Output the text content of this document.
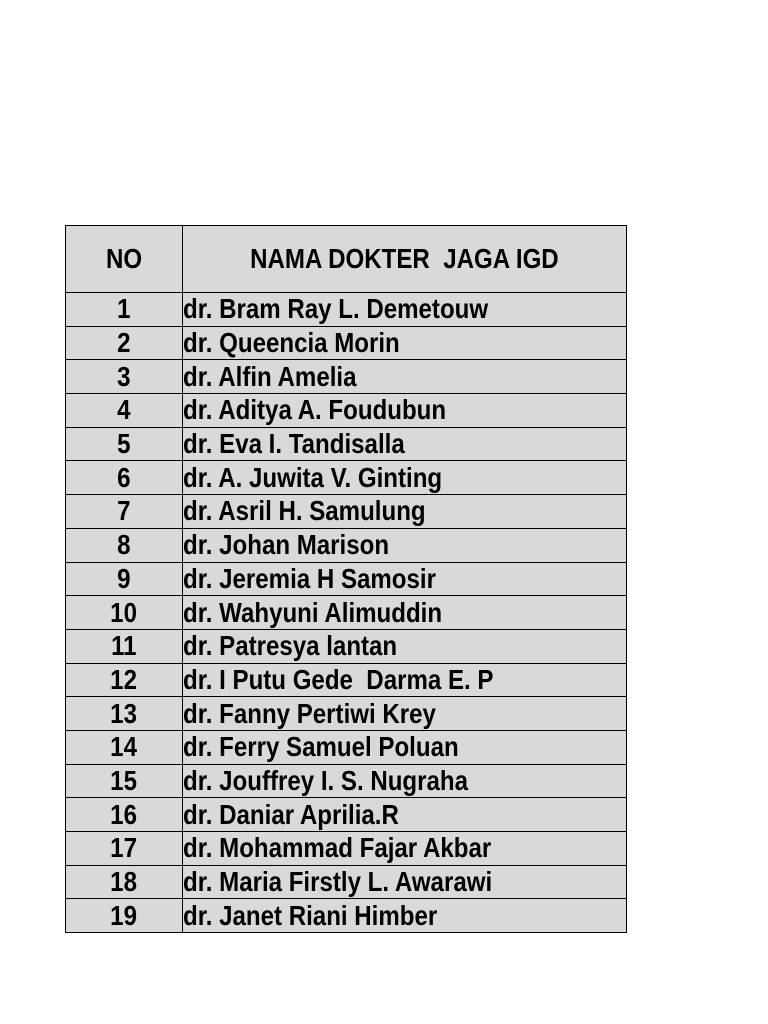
NO	NAMA DOKTER  JAGA IGD
1	dr. Bram Ray L. Demetouw
2	dr. Queencia Morin
3	dr. Alfin Amelia
4	dr. Aditya A. Foudubun
5	dr. Eva I. Tandisalla
6	dr. A. Juwita V. Ginting
7	dr. Asril H. Samulung
8	dr. Johan Marison
9	dr. Jeremia H Samosir
10	dr. Wahyuni Alimuddin
11	dr. Patresya lantan
12	dr. I Putu Gede  Darma E. P
13	dr. Fanny Pertiwi Krey
14	dr. Ferry Samuel Poluan
15	dr. Jouffrey I. S. Nugraha
16	dr. Daniar Aprilia.R
17	dr. Mohammad Fajar Akbar
18	dr. Maria Firstly L. Awarawi
19	dr. Janet Riani Himber
